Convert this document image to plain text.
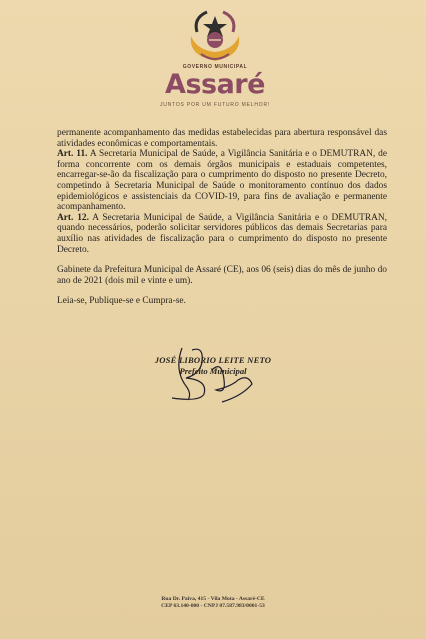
GOVERNO MUNICIPAL
Assaré
JUNTOS POR UM FUTURO MELHOR!

permanente acompanhamento das medidas estabelecidas para abertura responsável das atividades econômicas e comportamentais.

Art. 11. A Secretaria Municipal de Saúde, a Vigilância Sanitária e o DEMUTRAN, de forma concorrente com os demais órgãos municipais e estaduais competentes, encarregar-se-ão da fiscalização para o cumprimento do disposto no presente Decreto, competindo à Secretaria Municipal de Saúde o monitoramento contínuo dos dados epidemiológicos e assistenciais da COVID-19, para fins de avaliação e permanente acompanhamento.

Art. 12. A Secretaria Municipal de Saúde, a Vigilância Sanitária e o DEMUTRAN, quando necessários, poderão solicitar servidores públicos das demais Secretarias para auxílio nas atividades de fiscalização para o cumprimento do disposto no presente Decreto.

Gabinete da Prefeitura Municipal de Assaré (CE), aos 06 (seis) dias do mês de junho do ano de 2021 (dois mil e vinte e um).

Leia-se, Publique-se e Cumpra-se.

JOSÉ LIBORIO LEITE NETO
Prefeito Municipal
Rua Dr. Paiva, 415 - Vila Mota - Assaré-CE
CEP 63.140-000 - CNPJ 07.587.983/0001-53
